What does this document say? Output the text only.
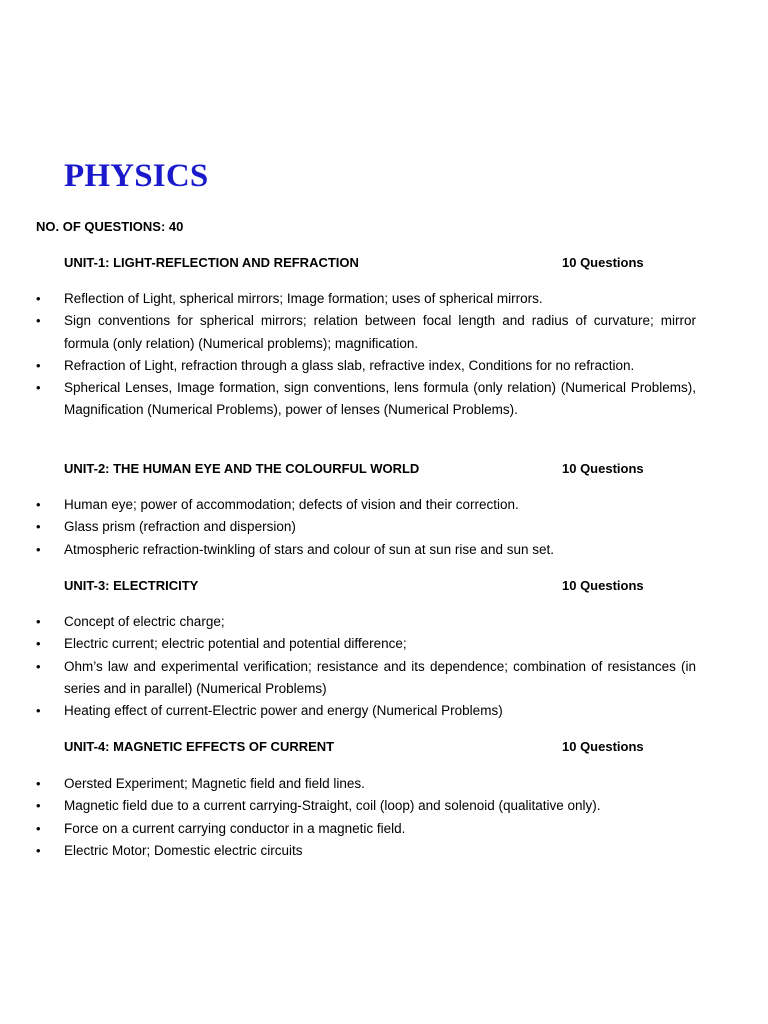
PHYSICS
NO. OF QUESTIONS: 40
UNIT-1: LIGHT-REFLECTION AND REFRACTION	10 Questions
• Reflection of Light, spherical mirrors; Image formation; uses of spherical mirrors.
• Sign conventions for spherical mirrors; relation between focal length and radius of curvature; mirror formula (only relation) (Numerical problems); magnification.
• Refraction of Light, refraction through a glass slab, refractive index, Conditions for no refraction.
• Spherical Lenses, Image formation, sign conventions, lens formula (only relation) (Numerical Problems), Magnification (Numerical Problems), power of lenses (Numerical Problems).
UNIT-2: THE HUMAN EYE AND THE COLOURFUL WORLD	10 Questions
• Human eye; power of accommodation; defects of vision and their correction.
• Glass prism (refraction and dispersion)
• Atmospheric refraction-twinkling of stars and colour of sun at sun rise and sun set.
UNIT-3: ELECTRICITY	10 Questions
• Concept of electric charge;
• Electric current; electric potential and potential difference;
• Ohm’s law and experimental verification; resistance and its dependence; combination of resistances (in series and in parallel) (Numerical Problems)
• Heating effect of current-Electric power and energy (Numerical Problems)
UNIT-4: MAGNETIC EFFECTS OF CURRENT	10 Questions
• Oersted Experiment; Magnetic field and field lines.
• Magnetic field due to a current carrying-Straight, coil (loop) and solenoid (qualitative only).
• Force on a current carrying conductor in a magnetic field.
• Electric Motor; Domestic electric circuits
